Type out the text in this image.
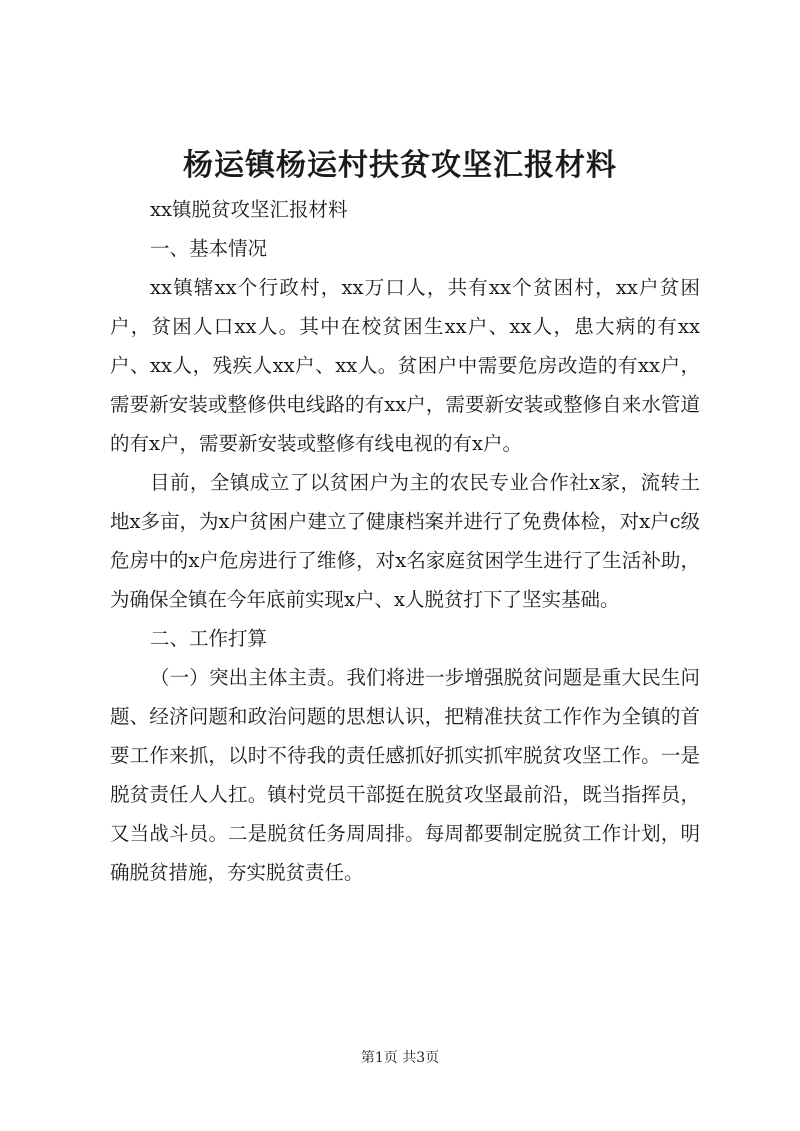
杨运镇杨运村扶贫攻坚汇报材料

xx镇脱贫攻坚汇报材料

一、基本情况

xx镇辖xx个行政村，xx万口人，共有xx个贫困村，xx户贫困户，贫困人口xx人。其中在校贫困生xx户、xx人，患大病的有xx户、xx人，残疾人xx户、xx人。贫困户中需要危房改造的有xx户，需要新安装或整修供电线路的有xx户，需要新安装或整修自来水管道的有x户，需要新安装或整修有线电视的有x户。

目前，全镇成立了以贫困户为主的农民专业合作社x家，流转土地x多亩，为x户贫困户建立了健康档案并进行了免费体检，对x户c级危房中的x户危房进行了维修，对x名家庭贫困学生进行了生活补助，为确保全镇在今年底前实现x户、x人脱贫打下了坚实基础。

二、工作打算

（一）突出主体主责。我们将进一步增强脱贫问题是重大民生问题、经济问题和政治问题的思想认识，把精准扶贫工作作为全镇的首要工作来抓，以时不待我的责任感抓好抓实抓牢脱贫攻坚工作。一是脱贫责任人人扛。镇村党员干部挺在脱贫攻坚最前沿，既当指挥员，又当战斗员。二是脱贫任务周周排。每周都要制定脱贫工作计划，明确脱贫措施，夯实脱贫责任。

第1页 共3页
